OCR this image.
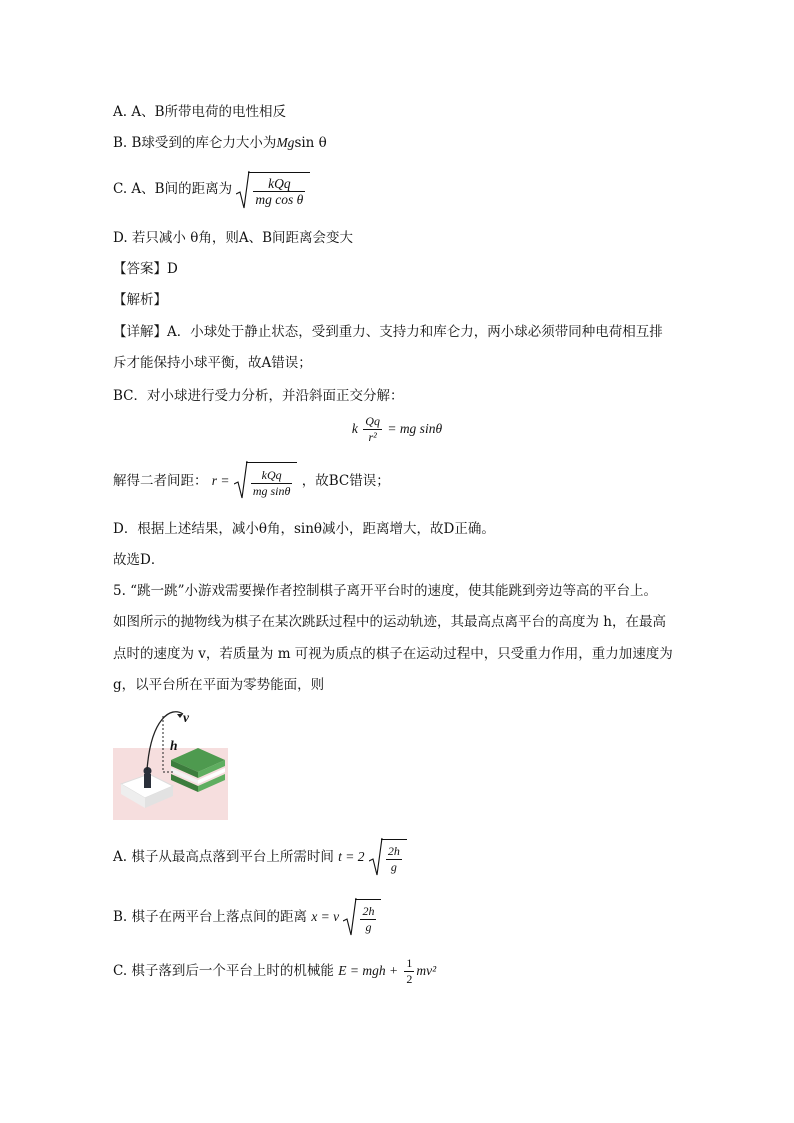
A. A、B所带电荷的电性相反
B. B球受到的库仑力大小为Mgsin θ
C. A、B间的距离为 $\frac{\text{kQq}}{\text{mg cos θ}}$
D. 若只减小 θ角，则A、B间距离会变大
【答案】D
【解析】
【详解】A．小球处于静止状态，受到重力、支持力和库仑力，两小球必须带同种电荷相互排
斥才能保持小球平衡，故A错误；
BC．对小球进行受力分析，并沿斜面正交分解：
k $\frac{Qq}{\text{r²}}$ = mg sinθ
解得二者间距： $r = \frac{\text{kQq}}{\text{mg sinθ}}$ ，故BC错误；
D．根据上述结果，减小θ角，sinθ减小，距离增大，故D正确。
故选D．
5. “跳一跳”小游戏需要操作者控制棋子离开平台时的速度，使其能跳到旁边等高的平台上。
如图所示的抛物线为棋子在某次跳跃过程中的运动轨迹，其最高点离平台的高度为 h，在最高
点时的速度为 v，若质量为 m 可视为质点的棋子在运动过程中，只受重力作用，重力加速度为
g，以平台所在平面为零势能面，则
v
h
A. 棋子从最高点落到平台上所需时间 $t = 2 \frac{2h}{g}$
B. 棋子在两平台上落点间的距离 x = v $\frac{2h}{g}$
C. 棋子落到后一个平台上时的机械能 E = mgh + $\frac{1}{2} mv^2$
